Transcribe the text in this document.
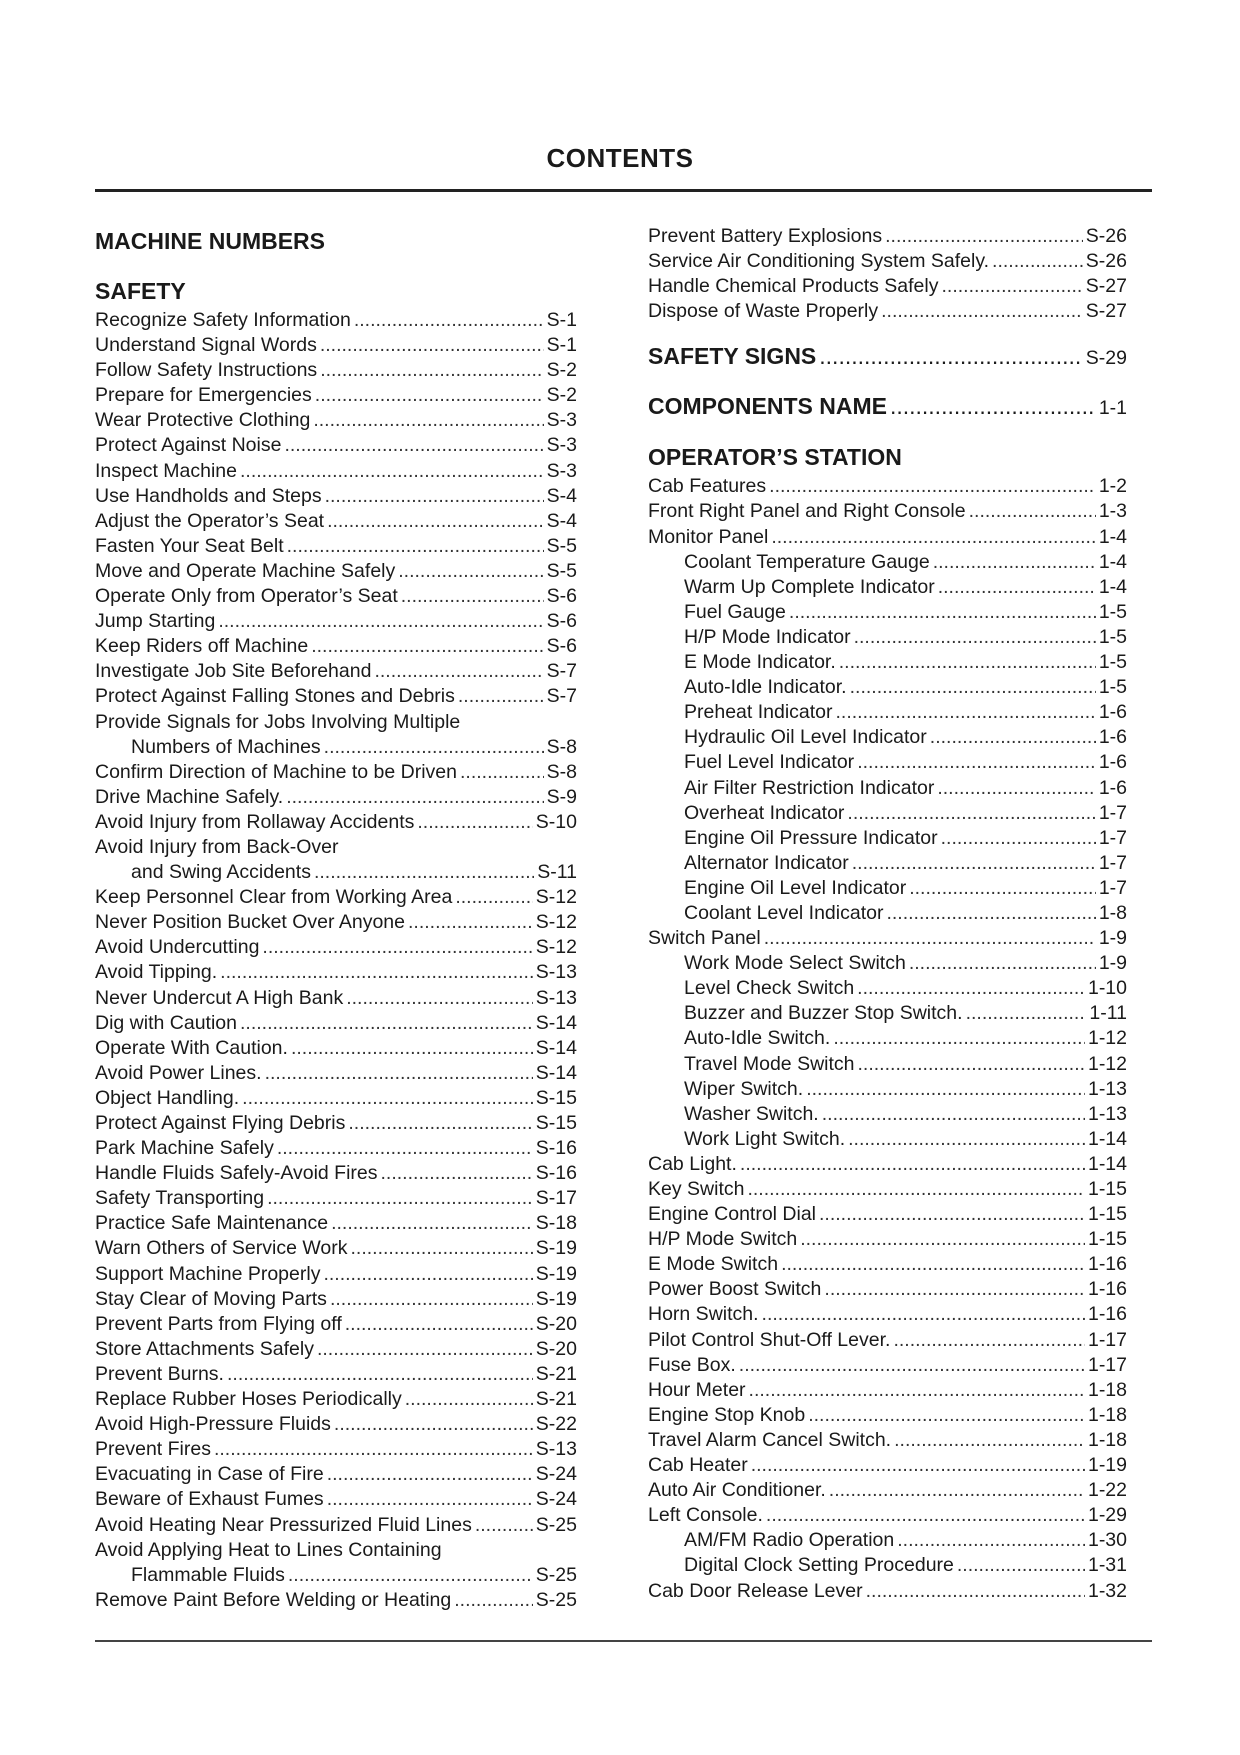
CONTENTS
MACHINE NUMBERS
SAFETY
Recognize Safety Information .....	S-1
Understand Signal Words .....	S-1
Follow Safety Instructions .....	S-2
Prepare for Emergencies .....	S-2
Wear Protective Clothing .....	S-3
Protect Against Noise .....	S-3
Inspect Machine .....	S-3
Use Handholds and Steps .....	S-4
Adjust the Operator’s Seat .....	S-4
Fasten Your Seat Belt .....	S-5
Move and Operate Machine Safely .....	S-5
Operate Only from Operator’s Seat .....	S-6
Jump Starting .....	S-6
Keep Riders off Machine .....	S-6
Investigate Job Site Beforehand .....	S-7
Protect Against Falling Stones and Debris .....	S-7
Provide Signals for Jobs Involving Multiple
Numbers of Machines .....	S-8
Confirm Direction of Machine to be Driven .....	S-8
Drive Machine Safely. .....	S-9
Avoid Injury from Rollaway Accidents .....	S-10
Avoid Injury from Back-Over
and Swing Accidents .....	S-11
Keep Personnel Clear from Working Area .....	S-12
Never Position Bucket Over Anyone .....	S-12
Avoid Undercutting .....	S-12
Avoid Tipping. .....	S-13
Never Undercut A High Bank .....	S-13
Dig with Caution .....	S-14
Operate With Caution. .....	S-14
Avoid Power Lines. .....	S-14
Object Handling. .....	S-15
Protect Against Flying Debris .....	S-15
Park Machine Safely .....	S-16
Handle Fluids Safely-Avoid Fires .....	S-16
Safety Transporting .....	S-17
Practice Safe Maintenance .....	S-18
Warn Others of Service Work .....	S-19
Support Machine Properly .....	S-19
Stay Clear of Moving Parts .....	S-19
Prevent Parts from Flying off .....	S-20
Store Attachments Safely .....	S-20
Prevent Burns. .....	S-21
Replace Rubber Hoses Periodically .....	S-21
Avoid High-Pressure Fluids .....	S-22
Prevent Fires .....	S-13
Evacuating in Case of Fire .....	S-24
Beware of Exhaust Fumes .....	S-24
Avoid Heating Near Pressurized Fluid Lines .....	S-25
Avoid Applying Heat to Lines Containing
Flammable Fluids .....	S-25
Remove Paint Before Welding or Heating .....	S-25
Prevent Battery Explosions .....	S-26
Service Air Conditioning System Safely. .....	S-26
Handle Chemical Products Safely .....	S-27
Dispose of Waste Properly .....	S-27
SAFETY SIGNS .....	S-29
COMPONENTS NAME .....	1-1
OPERATOR’S STATION
Cab Features .....	1-2
Front Right Panel and Right Console .....	1-3
Monitor Panel .....	1-4
Coolant Temperature Gauge .....	1-4
Warm Up Complete Indicator .....	1-4
Fuel Gauge .....	1-5
H/P Mode Indicator .....	1-5
E Mode Indicator. .....	1-5
Auto-Idle Indicator. .....	1-5
Preheat Indicator .....	1-6
Hydraulic Oil Level Indicator .....	1-6
Fuel Level Indicator .....	1-6
Air Filter Restriction Indicator .....	1-6
Overheat Indicator .....	1-7
Engine Oil Pressure Indicator .....	1-7
Alternator Indicator .....	1-7
Engine Oil Level Indicator .....	1-7
Coolant Level Indicator .....	1-8
Switch Panel .....	1-9
Work Mode Select Switch .....	1-9
Level Check Switch .....	1-10
Buzzer and Buzzer Stop Switch. .....	1-11
Auto-Idle Switch. .....	1-12
Travel Mode Switch .....	1-12
Wiper Switch. .....	1-13
Washer Switch. .....	1-13
Work Light Switch. .....	1-14
Cab Light. .....	1-14
Key Switch .....	1-15
Engine Control Dial .....	1-15
H/P Mode Switch .....	1-15
E Mode Switch .....	1-16
Power Boost Switch .....	1-16
Horn Switch. .....	1-16
Pilot Control Shut-Off Lever. .....	1-17
Fuse Box. .....	1-17
Hour Meter .....	1-18
Engine Stop Knob .....	1-18
Travel Alarm Cancel Switch. .....	1-18
Cab Heater .....	1-19
Auto Air Conditioner. .....	1-22
Left Console. .....	1-29
AM/FM Radio Operation .....	1-30
Digital Clock Setting Procedure .....	1-31
Cab Door Release Lever .....	1-32
